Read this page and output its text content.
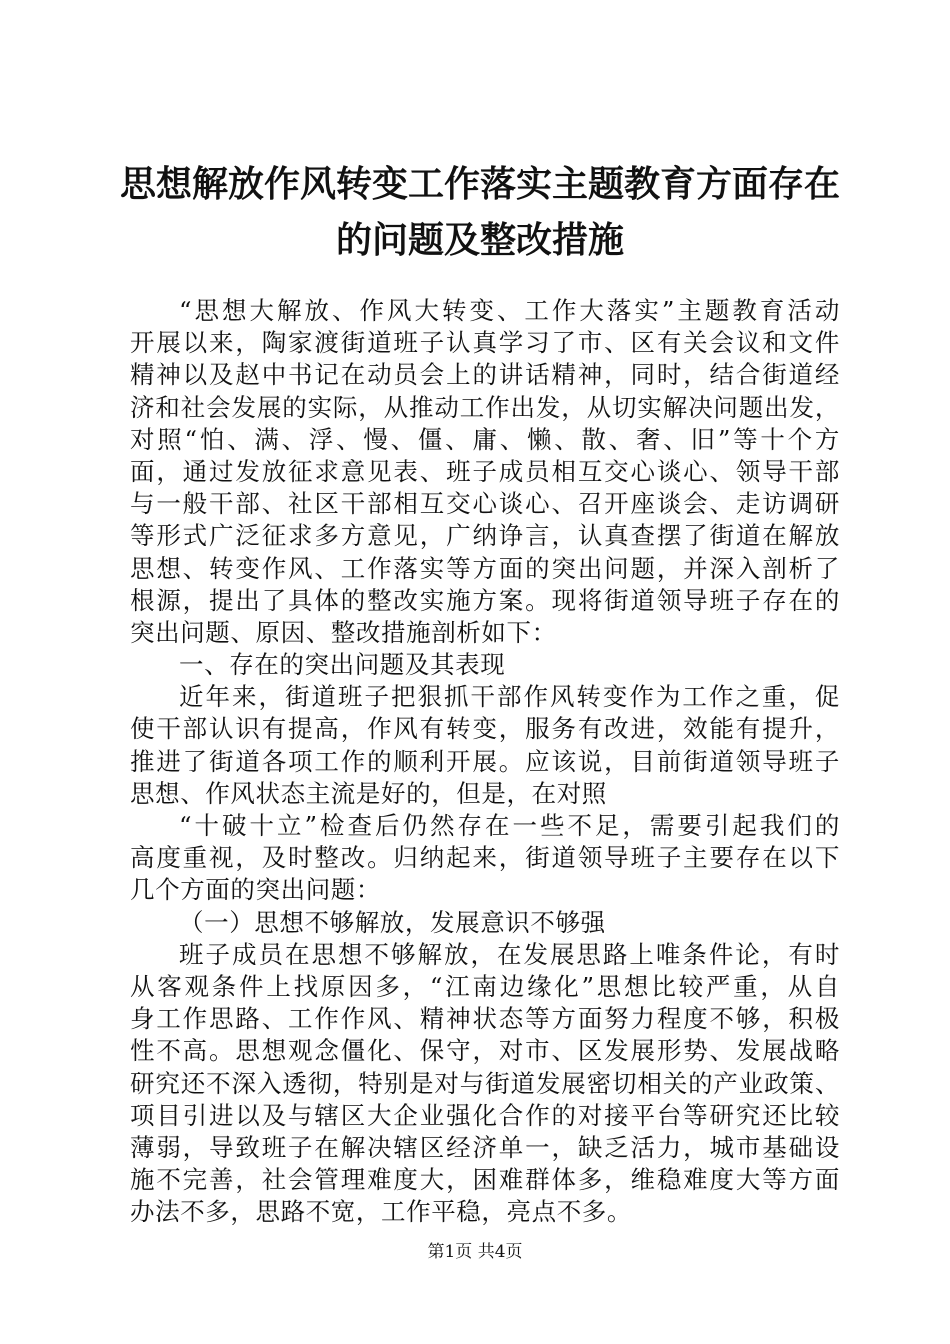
思想解放作风转变工作落实主题教育方面存在
的问题及整改措施
“思想大解放、作风大转变、工作大落实”主题教育活动
开展以来，陶家渡街道班子认真学习了市、区有关会议和文件
精神以及赵中书记在动员会上的讲话精神，同时，结合街道经
济和社会发展的实际，从推动工作出发，从切实解决问题出发，
对照“怕、满、浮、慢、僵、庸、懒、散、奢、旧”等十个方
面，通过发放征求意见表、班子成员相互交心谈心、领导干部
与一般干部、社区干部相互交心谈心、召开座谈会、走访调研
等形式广泛征求多方意见，广纳诤言，认真查摆了街道在解放
思想、转变作风、工作落实等方面的突出问题，并深入剖析了
根源，提出了具体的整改实施方案。现将街道领导班子存在的
突出问题、原因、整改措施剖析如下：
一、存在的突出问题及其表现
近年来，街道班子把狠抓干部作风转变作为工作之重，促
使干部认识有提高，作风有转变，服务有改进，效能有提升，
推进了街道各项工作的顺利开展。应该说，目前街道领导班子
思想、作风状态主流是好的，但是，在对照
“十破十立”检查后仍然存在一些不足，需要引起我们的
高度重视，及时整改。归纳起来，街道领导班子主要存在以下
几个方面的突出问题：
（一）思想不够解放，发展意识不够强
班子成员在思想不够解放，在发展思路上唯条件论，有时
从客观条件上找原因多，“江南边缘化”思想比较严重，从自
身工作思路、工作作风、精神状态等方面努力程度不够，积极
性不高。思想观念僵化、保守，对市、区发展形势、发展战略
研究还不深入透彻，特别是对与街道发展密切相关的产业政策、
项目引进以及与辖区大企业强化合作的对接平台等研究还比较
薄弱，导致班子在解决辖区经济单一，缺乏活力，城市基础设
施不完善，社会管理难度大，困难群体多，维稳难度大等方面
办法不多，思路不宽，工作平稳，亮点不多。
第1页 共4页
